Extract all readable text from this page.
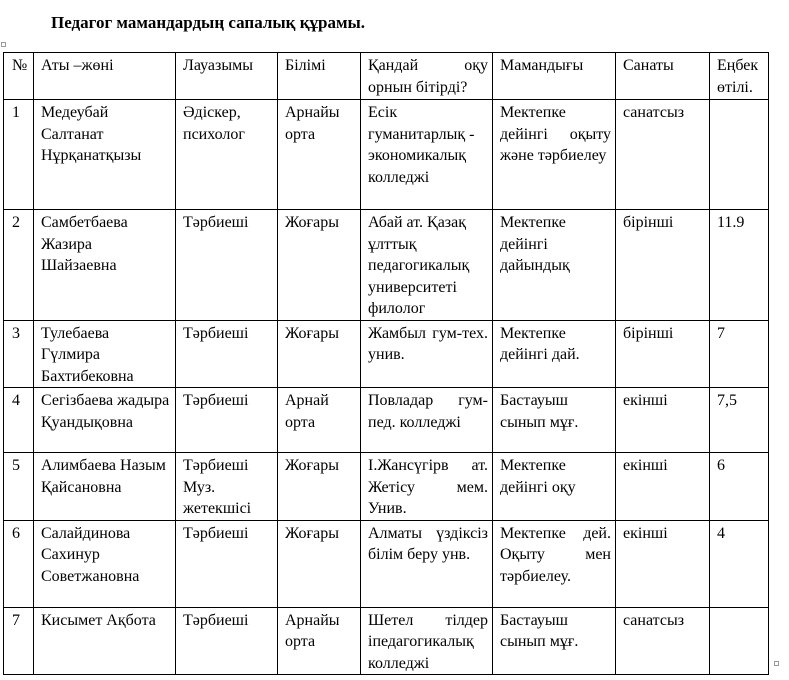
Педагог мамандардың сапалық құрамы.
№	Аты –жөні	Лауазымы	Білімі	Қандай оқу орнын бітірді?	Мамандығы	Санаты	Еңбек өтілі.
1	Медеубай Салтанат Нұрқанатқызы	Әдіскер, психолог	Арнайы орта	Есік гуманитарлық - экономикалық колледжі	Мектепке дейінгі оқыту және тәрбиелеу	санатсыз	
2	Самбетбаева Жазира Шайзаевна	Тәрбиеші	Жоғары	Абай ат. Қазақ ұлттық педагогикалық университеті филолог	Мектепке дейінгі дайындық	бірінші	11.9
3	Тулебаева Гүлмира Бахтибековна	Тәрбиеші	Жоғары	Жамбыл гум-тех. унив.	Мектепке дейінгі дай.	бірінші	7
4	Сегізбаева жадыра Қуандықовна	Тәрбиеші	Арнай орта	Повладар гум-пед. колледжі	Бастауыш сынып мұғ.	екінші	7,5
5	Алимбаева Назым Қайсановна	Тәрбиеші Муз. жетекшісі	Жоғары	І.Жансүгірв ат. Жетісу мем. Унив.	Мектепке дейінгі оқу	екінші	6
6	Салайдинова Сахинур Советжановна	Тәрбиеші	Жоғары	Алматы үздіксіз білім беру унв.	Мектепке дей. Оқыту мен тәрбиелеу.	екінші	4
7	Кисымет Ақбота	Тәрбиеші	Арнайы орта	Шетел тілдер іпедагогикалық колледжі	Бастауыш сынып мұғ.	санатсыз	
